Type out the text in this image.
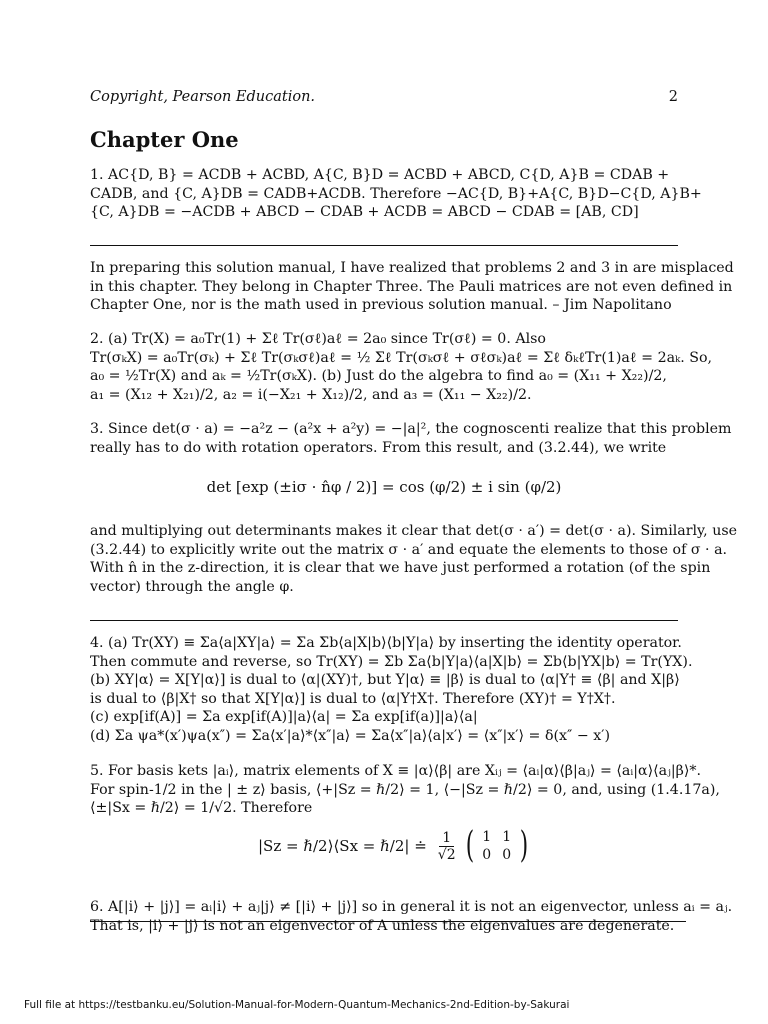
Copyright, Pearson Education.	2
Chapter One
1. AC{D, B} = ACDB + ACBD, A{C, B}D = ACBD + ABCD, C{D, A}B = CDAB +
CADB, and {C, A}DB = CADB+ACDB. Therefore −AC{D, B}+A{C, B}D−C{D, A}B+
{C, A}DB = −ACDB + ABCD − CDAB + ACDB = ABCD − CDAB = [AB, CD]
In preparing this solution manual, I have realized that problems 2 and 3 in are misplaced
in this chapter. They belong in Chapter Three. The Pauli matrices are not even defined in
Chapter One, nor is the math used in previous solution manual. – Jim Napolitano
2. (a) Tr(X) = a₀Tr(1) + Σℓ Tr(σℓ)aℓ = 2a₀ since Tr(σℓ) = 0. Also
Tr(σₖX) = a₀Tr(σₖ) + Σℓ Tr(σₖσℓ)aℓ = ½ Σℓ Tr(σₖσℓ + σℓσₖ)aℓ = Σℓ δₖℓTr(1)aℓ = 2aₖ. So,
a₀ = ½Tr(X) and aₖ = ½Tr(σₖX). (b) Just do the algebra to find a₀ = (X₁₁ + X₂₂)/2,
a₁ = (X₁₂ + X₂₁)/2, a₂ = i(−X₂₁ + X₁₂)/2, and a₃ = (X₁₁ − X₂₂)/2.
3. Since det(σ · a) = −a²z − (a²x + a²y) = −|a|², the cognoscenti realize that this problem
really has to do with rotation operators. From this result, and (3.2.44), we write
det [exp (±iσ · n̂φ / 2)] = cos (φ/2) ± i sin (φ/2)
and multiplying out determinants makes it clear that det(σ · a′) = det(σ · a). Similarly, use
(3.2.44) to explicitly write out the matrix σ · a′ and equate the elements to those of σ · a.
With n̂ in the z-direction, it is clear that we have just performed a rotation (of the spin
vector) through the angle φ.
4. (a) Tr(XY) ≡ Σa⟨a|XY|a⟩ = Σa Σb⟨a|X|b⟩⟨b|Y|a⟩ by inserting the identity operator.
Then commute and reverse, so Tr(XY) = Σb Σa⟨b|Y|a⟩⟨a|X|b⟩ = Σb⟨b|YX|b⟩ = Tr(YX).
(b) XY|α⟩ = X[Y|α⟩] is dual to ⟨α|(XY)†, but Y|α⟩ ≡ |β⟩ is dual to ⟨α|Y† ≡ ⟨β| and X|β⟩
is dual to ⟨β|X† so that X[Y|α⟩] is dual to ⟨α|Y†X†. Therefore (XY)† = Y†X†.
(c) exp[if(A)] = Σa exp[if(A)]|a⟩⟨a| = Σa exp[if(a)]|a⟩⟨a|
(d) Σa ψa*(x′)ψa(x″) = Σa⟨x′|a⟩*⟨x″|a⟩ = Σa⟨x″|a⟩⟨a|x′⟩ = ⟨x″|x′⟩ = δ(x″ − x′)
5. For basis kets |aᵢ⟩, matrix elements of X ≡ |α⟩⟨β| are Xᵢⱼ = ⟨aᵢ|α⟩⟨β|aⱼ⟩ = ⟨aᵢ|α⟩⟨aⱼ|β⟩*.
For spin-1/2 in the | ± z⟩ basis, ⟨+|Sz = ℏ/2⟩ = 1, ⟨−|Sz = ℏ/2⟩ = 0, and, using (1.4.17a),
⟨±|Sx = ℏ/2⟩ = 1/√2. Therefore
|Sz = ℏ/2⟩⟨Sx = ℏ/2| ≐ $\frac{1}{√2}$ ( 1 1
0 0 )
6. A[|i⟩ + |j⟩] = aᵢ|i⟩ + aⱼ|j⟩ ≠ [|i⟩ + |j⟩] so in general it is not an eigenvector, unless aᵢ = aⱼ.
That is, |i⟩ + |j⟩ is not an eigenvector of A unless the eigenvalues are degenerate.
Full file at https://testbanku.eu/Solution-Manual-for-Modern-Quantum-Mechanics-2nd-Edition-by-Sakurai
